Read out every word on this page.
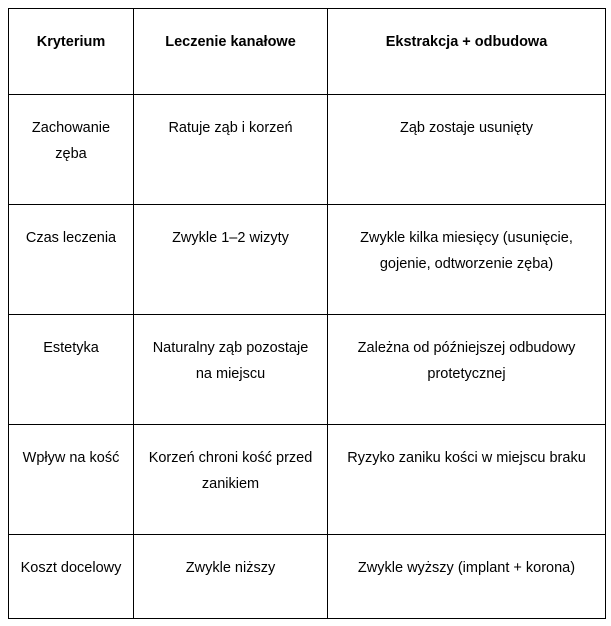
Kryterium	Leczenie kanałowe	Ekstrakcja + odbudowa
Zachowanie zęba	Ratuje ząb i korzeń	Ząb zostaje usunięty
Czas leczenia	Zwykle 1–2 wizyty	Zwykle kilka miesięcy (usunięcie, gojenie, odtworzenie zęba)
Estetyka	Naturalny ząb pozostaje na miejscu	Zależna od późniejszej odbudowy protetycznej
Wpływ na kość	Korzeń chroni kość przed zanikiem	Ryzyko zaniku kości w miejscu braku
Koszt docelowy	Zwykle niższy	Zwykle wyższy (implant + korona)
